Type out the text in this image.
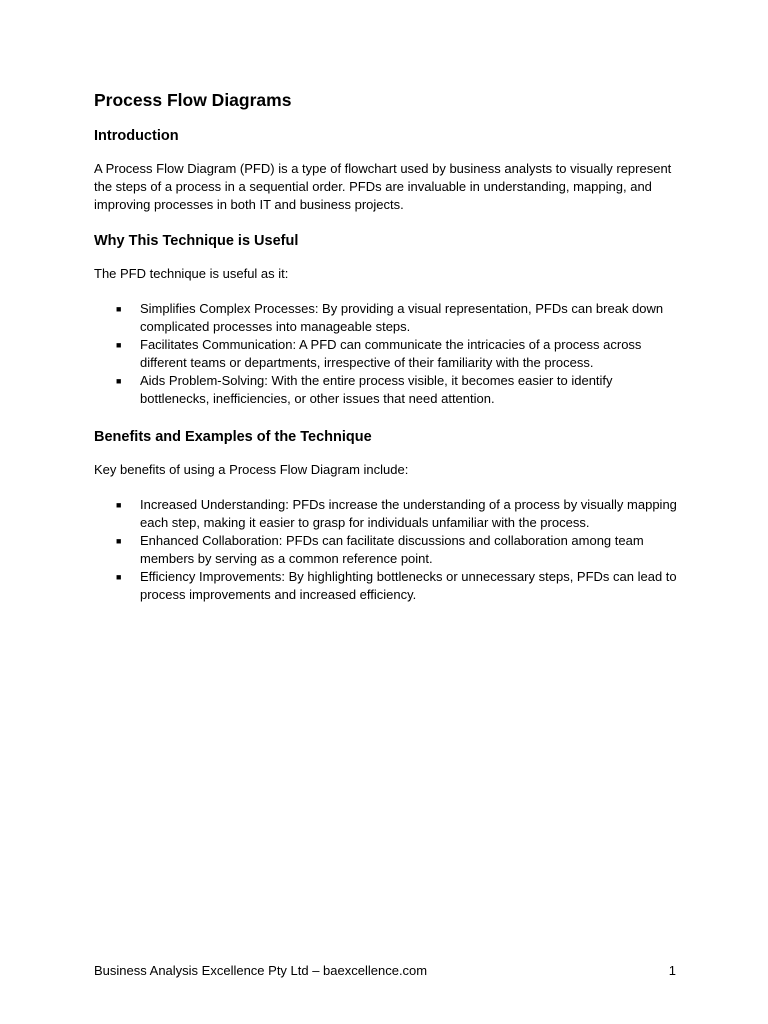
Process Flow Diagrams
Introduction

A Process Flow Diagram (PFD) is a type of flowchart used by business analysts to visually represent the steps of a process in a sequential order. PFDs are invaluable in understanding, mapping, and improving processes in both IT and business projects.

Why This Technique is Useful

The PFD technique is useful as it:

■ Simplifies Complex Processes: By providing a visual representation, PFDs can break down complicated processes into manageable steps.
■ Facilitates Communication: A PFD can communicate the intricacies of a process across different teams or departments, irrespective of their familiarity with the process.
■ Aids Problem-Solving: With the entire process visible, it becomes easier to identify bottlenecks, inefficiencies, or other issues that need attention.
Benefits and Examples of the Technique

Key benefits of using a Process Flow Diagram include:

■ Increased Understanding: PFDs increase the understanding of a process by visually mapping each step, making it easier to grasp for individuals unfamiliar with the process.
■ Enhanced Collaboration: PFDs can facilitate discussions and collaboration among team members by serving as a common reference point.
■ Efficiency Improvements: By highlighting bottlenecks or unnecessary steps, PFDs can lead to process improvements and increased efficiency.
Business Analysis Excellence Pty Ltd – baexcellence.com	1
